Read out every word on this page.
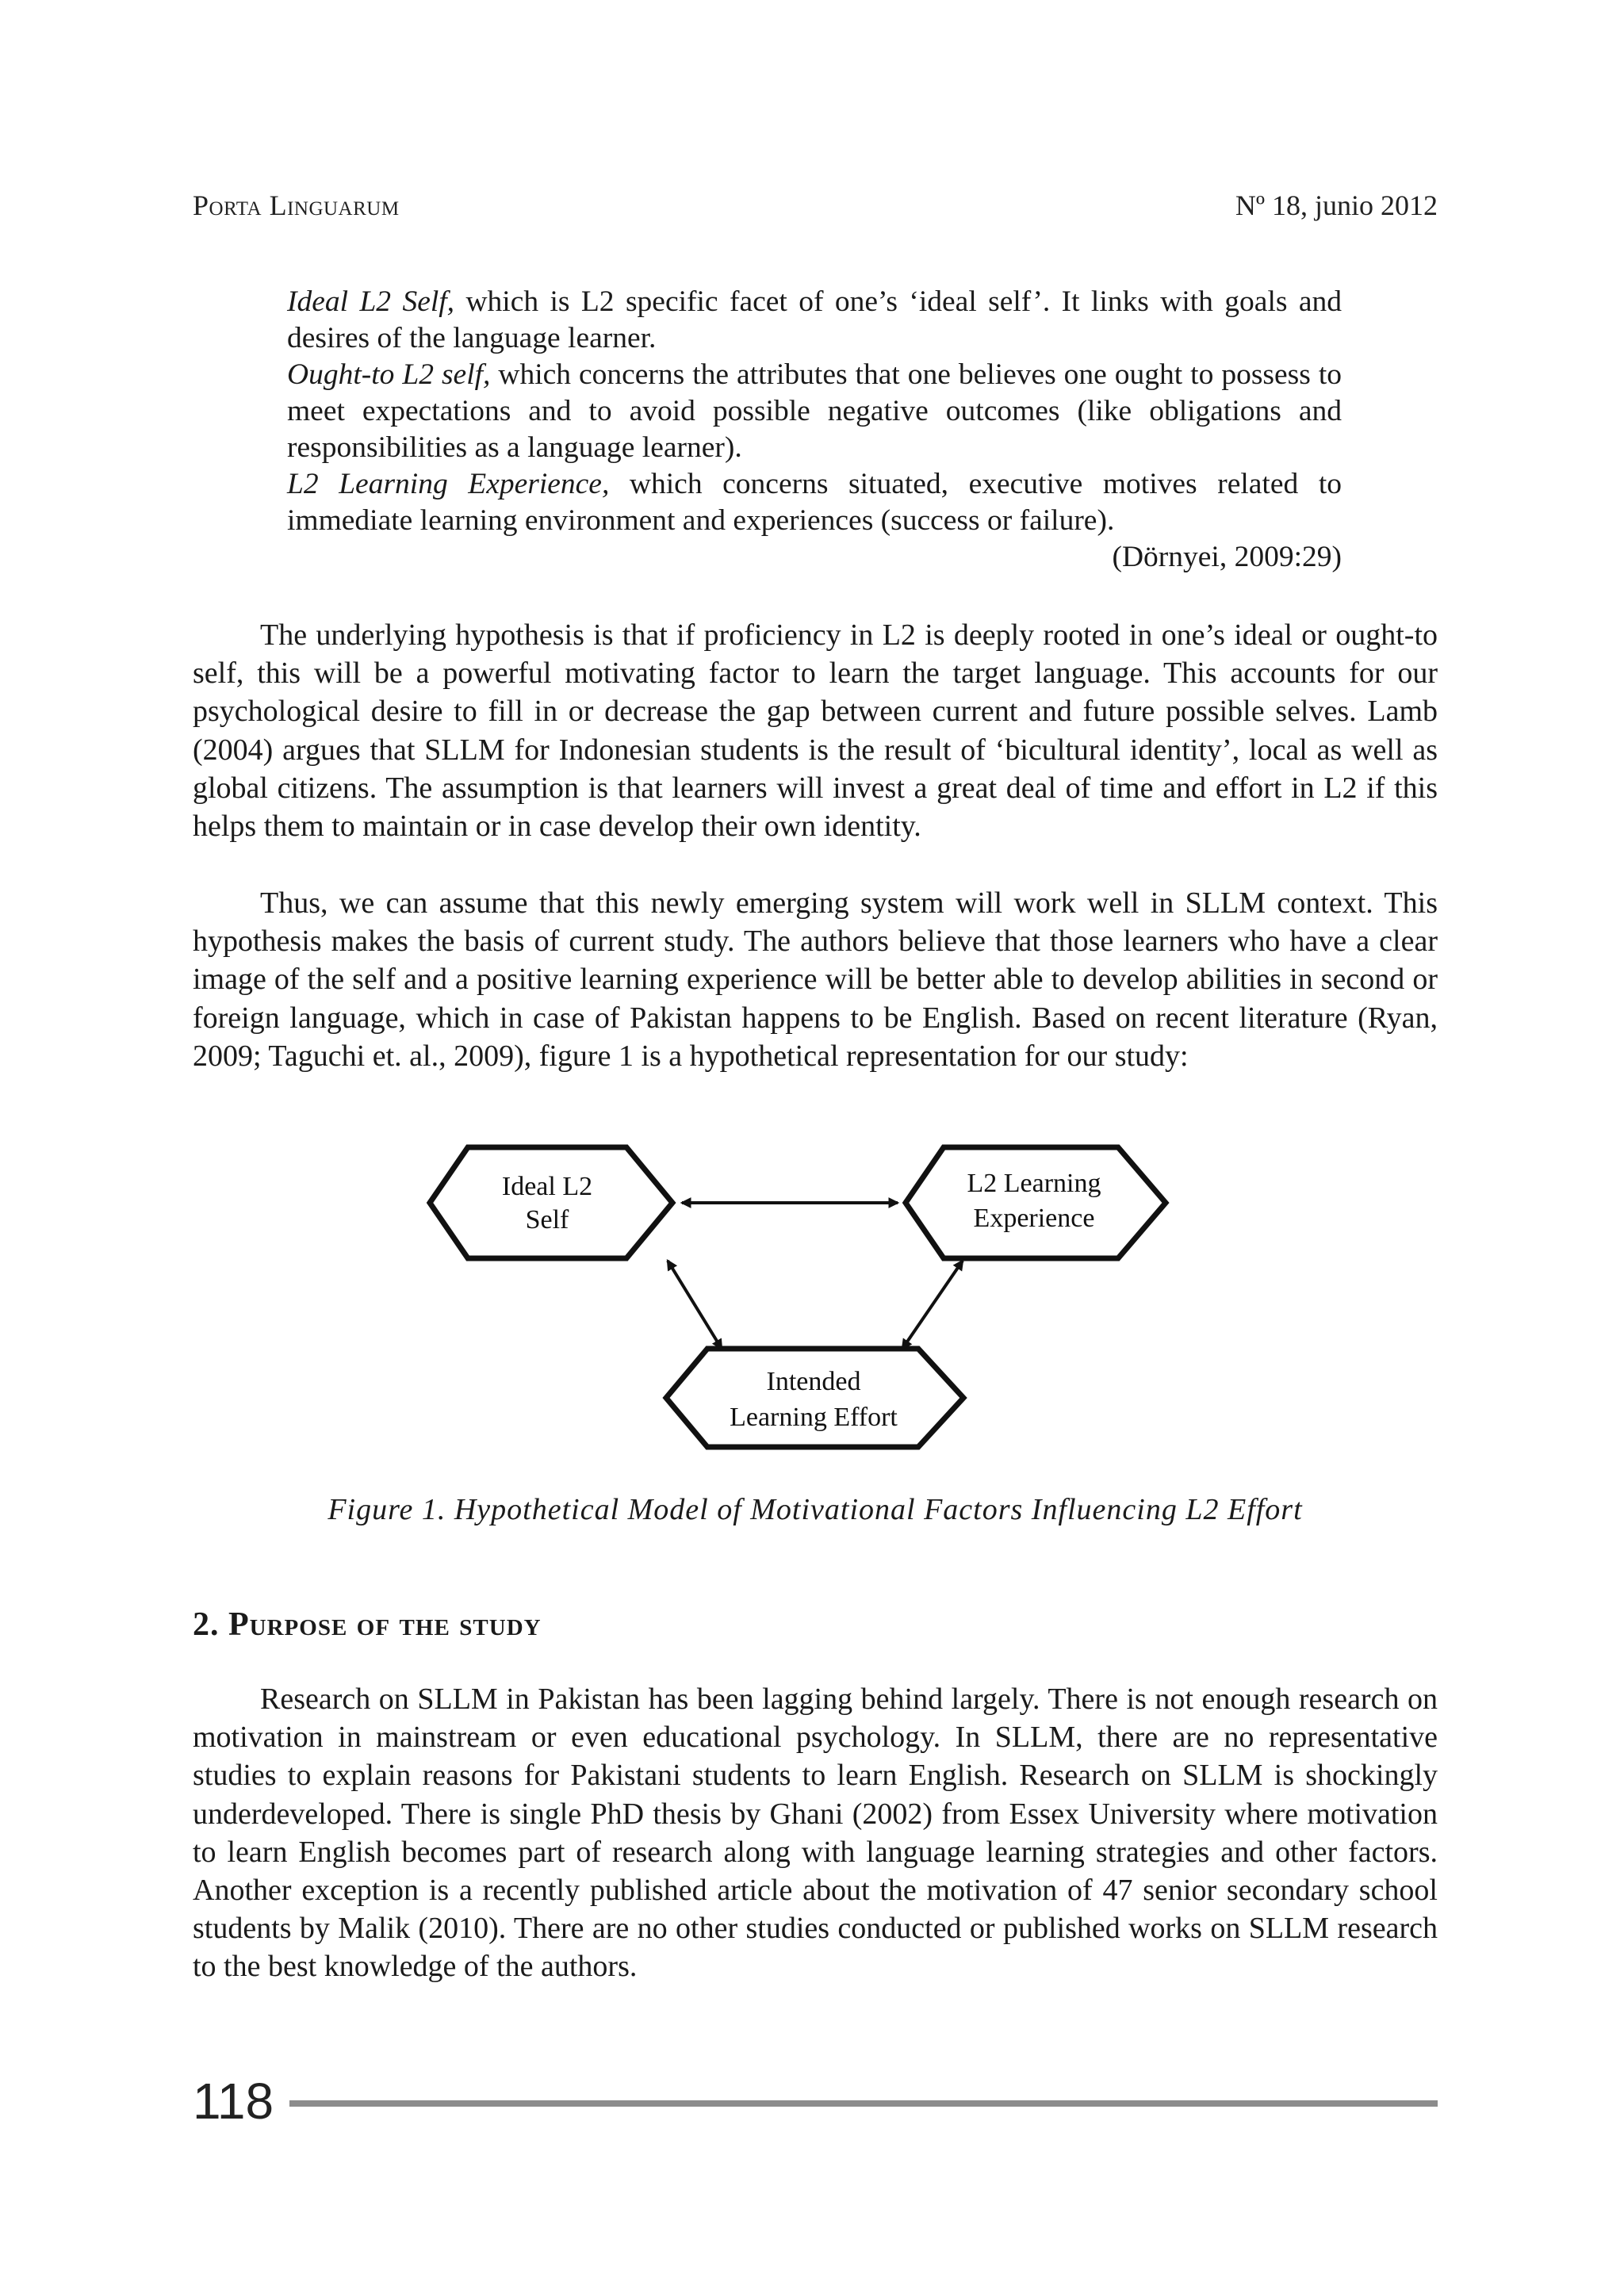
Porta Linguarum	Nº 18, junio 2012

Ideal L2 Self, which is L2 specific facet of one’s ‘ideal self’. It links with goals and desires of the language learner.

Ought-to L2 self, which concerns the attributes that one believes one ought to possess to meet expectations and to avoid possible negative outcomes (like obligations and responsibilities as a language learner).

L2 Learning Experience, which concerns situated, executive motives related to immediate learning environment and experiences (success or failure).

(Dörnyei, 2009:29)

The underlying hypothesis is that if proficiency in L2 is deeply rooted in one’s ideal or ought-to self, this will be a powerful motivating factor to learn the target language. This accounts for our psychological desire to fill in or decrease the gap between current and future possible selves. Lamb (2004) argues that SLLM for Indonesian students is the result of ‘bicultural identity’, local as well as global citizens. The assumption is that learners will invest a great deal of time and effort in L2 if this helps them to maintain or in case develop their own identity.

Thus, we can assume that this newly emerging system will work well in SLLM context. This hypothesis makes the basis of current study. The authors believe that those learners who have a clear image of the self and a positive learning experience will be better able to develop abilities in second or foreign language, which in case of Pakistan happens to be English. Based on recent literature (Ryan, 2009; Taguchi et. al., 2009), figure 1 is a hypothetical representation for our study:

Ideal L2
Self
L2 Learning
Experience
Intended
Learning Effort
Figure 1. Hypothetical Model of Motivational Factors Influencing L2 Effort
2. Purpose of the study

Research on SLLM in Pakistan has been lagging behind largely. There is not enough research on motivation in mainstream or even educational psychology. In SLLM, there are no representative studies to explain reasons for Pakistani students to learn English. Research on SLLM is shockingly underdeveloped. There is single PhD thesis by Ghani (2002) from Essex University where motivation to learn English becomes part of research along with language learning strategies and other factors. Another exception is a recently published article about the motivation of 47 senior secondary school students by Malik (2010). There are no other studies conducted or published works on SLLM research to the best knowledge of the authors.

118
